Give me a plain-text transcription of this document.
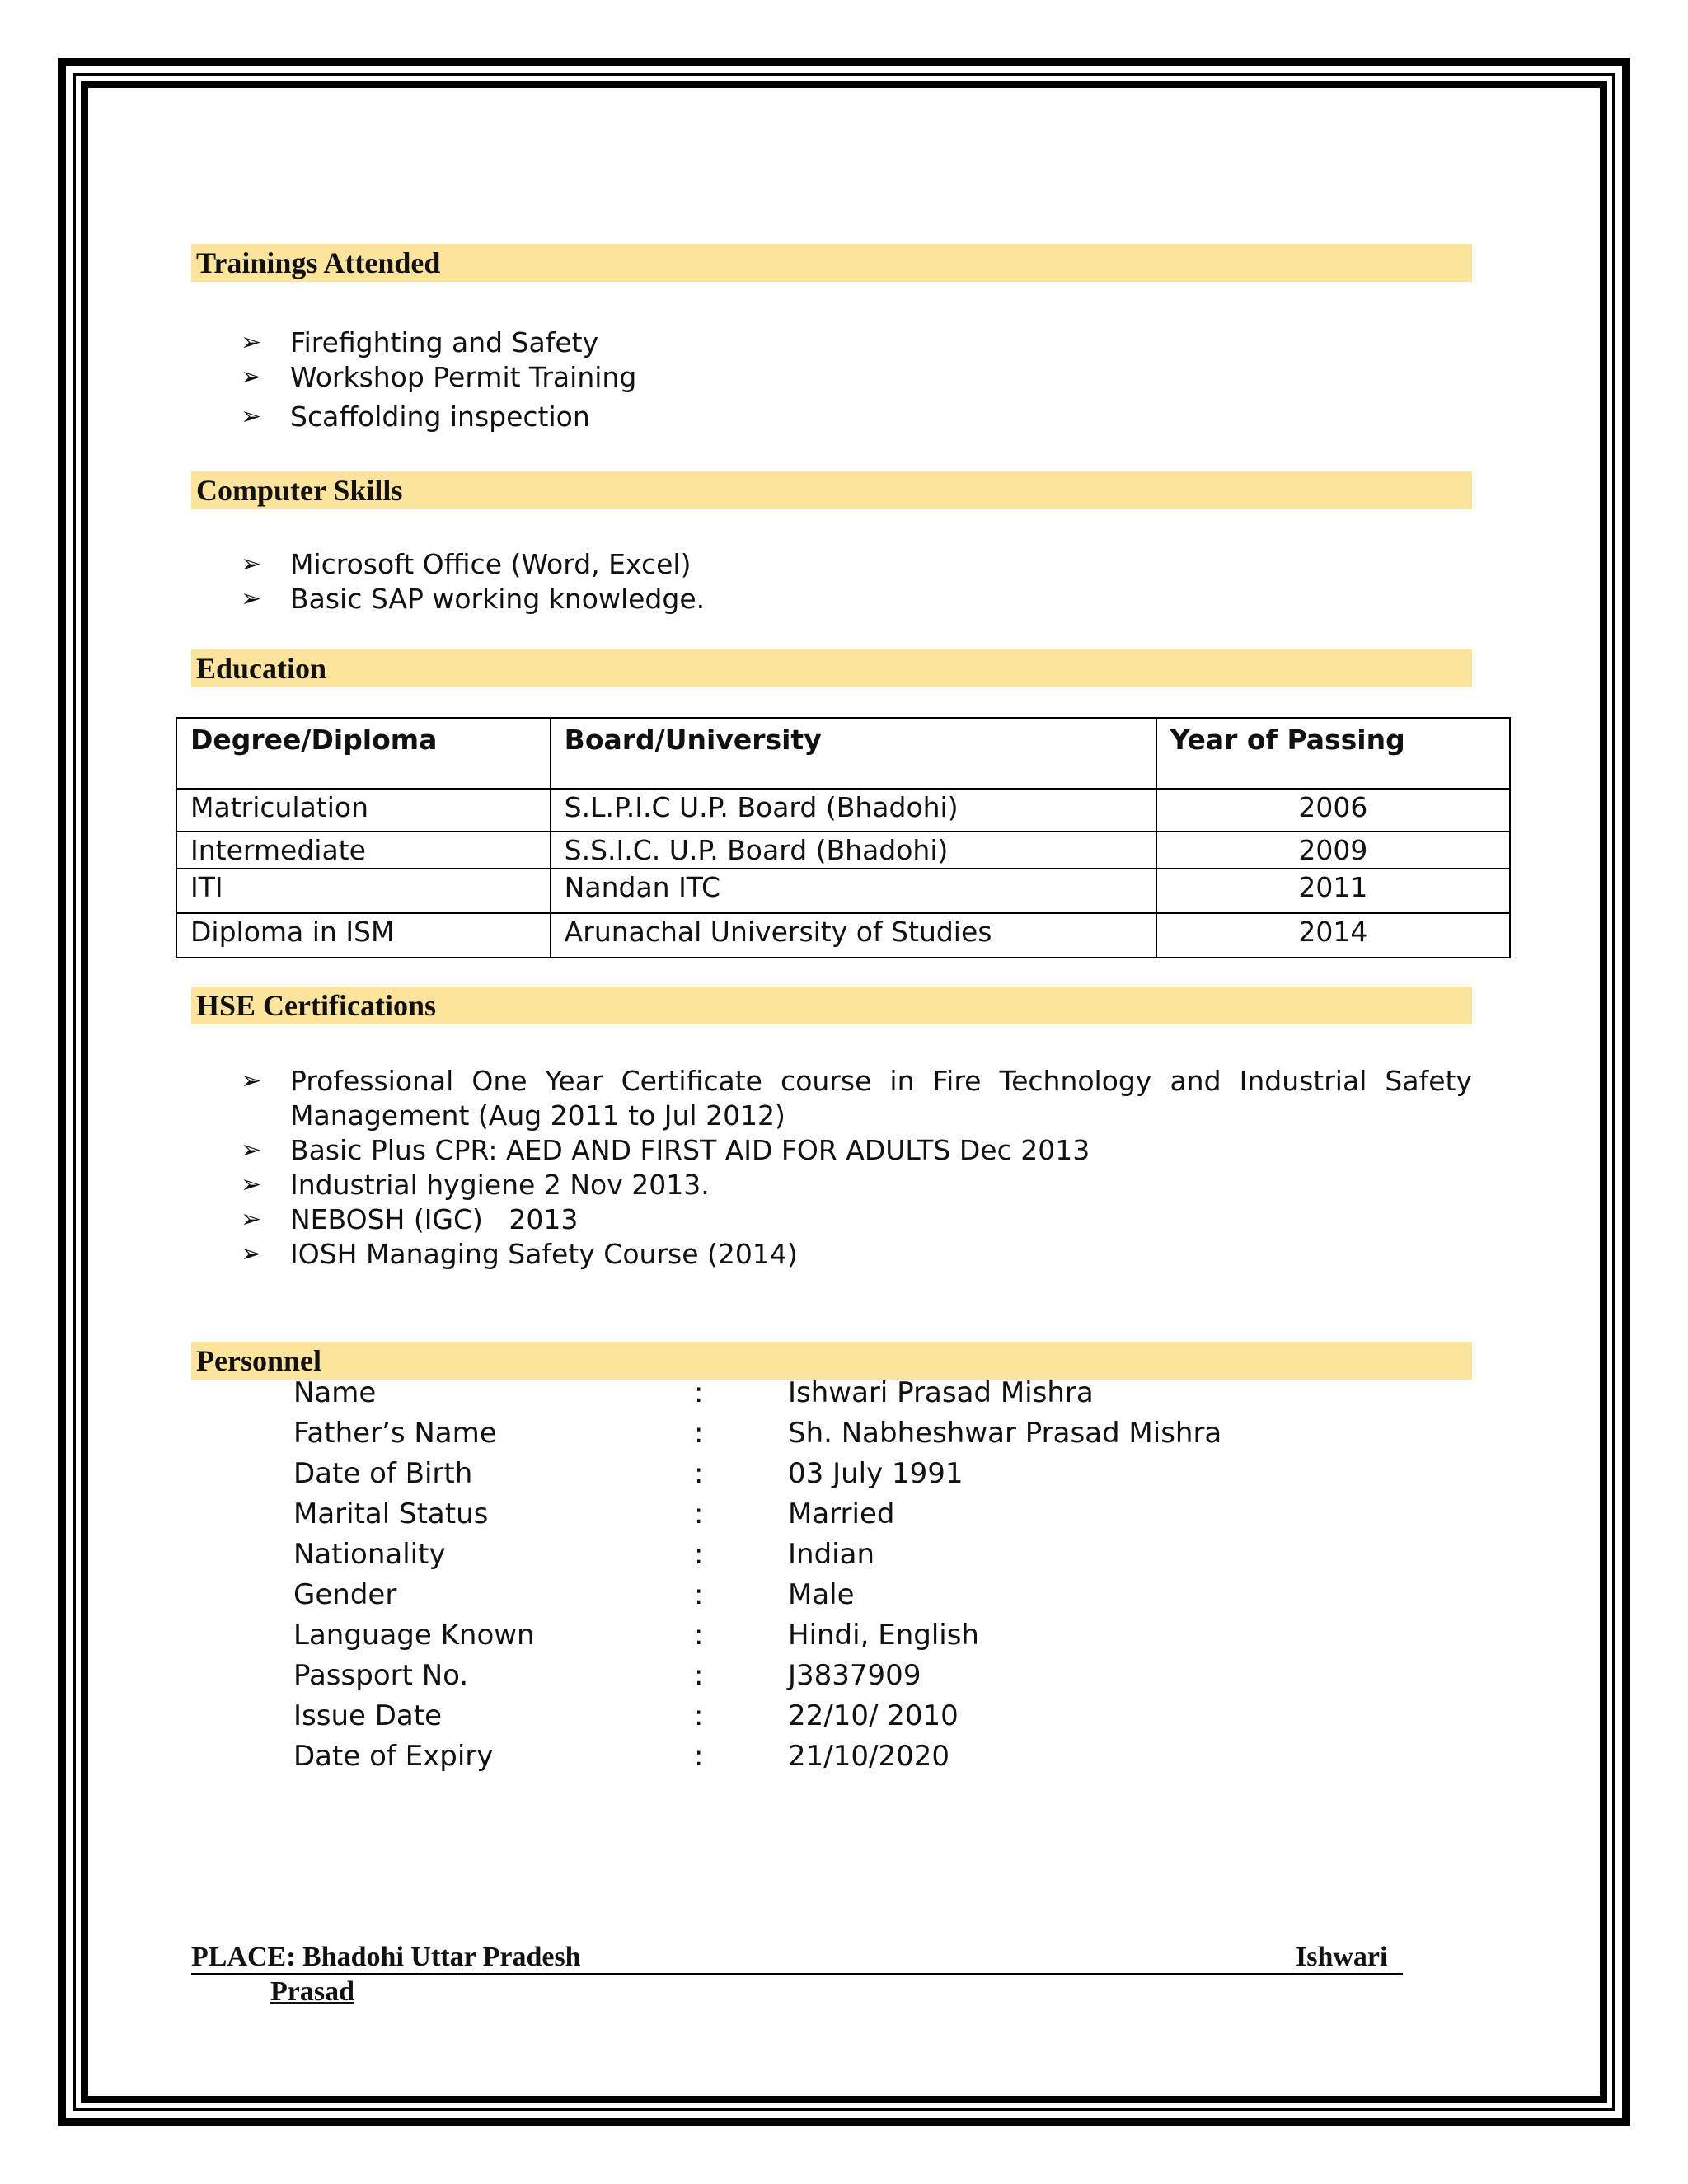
Trainings Attended
➢ Firefighting and Safety
➢ Workshop Permit Training
➢ Scaffolding inspection
Computer Skills
➢ Microsoft Office (Word, Excel)
➢ Basic SAP working knowledge.
Education
Degree/Diploma	Board/University	Year of Passing
Matriculation	S.L.P.I.C U.P. Board (Bhadohi)	2006
Intermediate	S.S.I.C. U.P. Board (Bhadohi)	2009
ITI	Nandan ITC	2011
Diploma in ISM	Arunachal University of Studies	2014
HSE Certifications
➢ Professional One Year Certificate course in Fire Technology and Industrial Safety
Management (Aug 2011 to Jul 2012)
➢ Basic Plus CPR: AED AND FIRST AID FOR ADULTS Dec 2013
➢ Industrial hygiene 2 Nov 2013.
➢ NEBOSH (IGC)   2013
➢ IOSH Managing Safety Course (2014)
Personnel
Name	:	Ishwari Prasad Mishra
Father’s Name	:	Sh. Nabheshwar Prasad Mishra
Date of Birth	:	03 July 1991
Marital Status	:	Married
Nationality	:	Indian
Gender	:	Male
Language Known	:	Hindi, English
Passport No.	:	J3837909
Issue Date	:	22/10/ 2010
Date of Expiry	:	21/10/2020
PLACE: Bhadohi Uttar Pradesh	Ishwari
Prasad
